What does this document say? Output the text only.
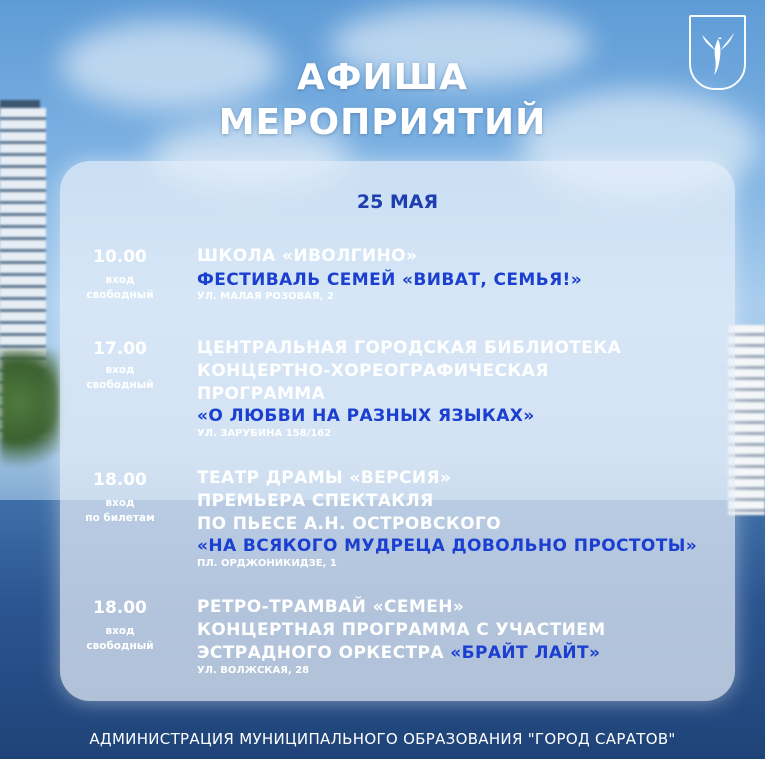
АФИША
МЕРОПРИЯТИЙ
25 МАЯ
10.00
вход
свободный
ШКОЛА «ИВОЛГИНО»
ФЕСТИВАЛЬ СЕМЕЙ «ВИВАТ, СЕМЬЯ!»
УЛ. МАЛАЯ РОЗОВАЯ, 2
17.00
вход
свободный
ЦЕНТРАЛЬНАЯ ГОРОДСКАЯ БИБЛИОТЕКА
КОНЦЕРТНО-ХОРЕОГРАФИЧЕСКАЯ
ПРОГРАММА
«О ЛЮБВИ НА РАЗНЫХ ЯЗЫКАХ»
УЛ. ЗАРУБИНА 158/162
18.00
вход
по билетам
ТЕАТР ДРАМЫ «ВЕРСИЯ»
ПРЕМЬЕРА СПЕКТАКЛЯ
ПО ПЬЕСЕ А.Н. ОСТРОВСКОГО
«НА ВСЯКОГО МУДРЕЦА ДОВОЛЬНО ПРОСТОТЫ»
ПЛ. ОРДЖОНИКИДЗЕ, 1
18.00
вход
свободный
РЕТРО-ТРАМВАЙ «СЕМЕН»
КОНЦЕРТНАЯ ПРОГРАММА С УЧАСТИЕМ
ЭСТРАДНОГО ОРКЕСТРА «БРАЙТ ЛАЙТ»
УЛ. ВОЛЖСКАЯ, 28
АДМИНИСТРАЦИЯ МУНИЦИПАЛЬНОГО ОБРАЗОВАНИЯ "ГОРОД САРАТОВ"
